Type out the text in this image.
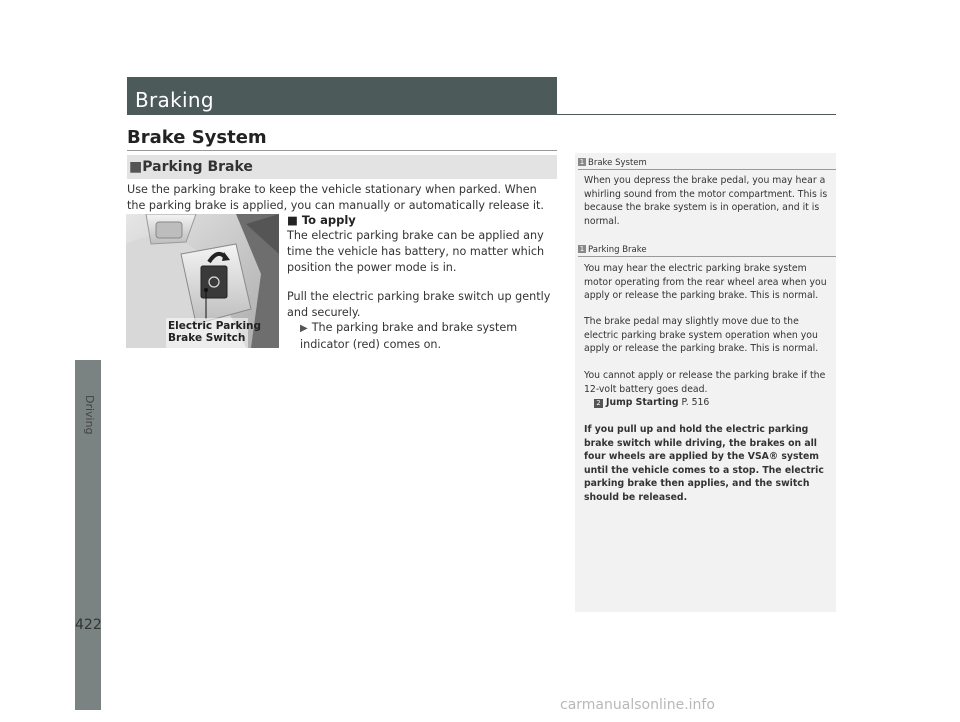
Driving
422
Braking
Brake System
■Parking Brake
Use the parking brake to keep the vehicle stationary when parked. When the parking brake is applied, you can manually or automatically release it.
Electric Parking
Brake Switch
■ To apply
The electric parking brake can be applied any time the vehicle has battery, no matter which position the power mode is in.
Pull the electric parking brake switch up gently and securely.
▶ The parking brake and brake system indicator (red) comes on.
1 Brake System
When you depress the brake pedal, you may hear a whirling sound from the motor compartment. This is because the brake system is in operation, and it is normal.
1 Parking Brake
You may hear the electric parking brake system motor operating from the rear wheel area when you apply or release the parking brake. This is normal.
The brake pedal may slightly move due to the electric parking brake system operation when you apply or release the parking brake. This is normal.
You cannot apply or release the parking brake if the 12-volt battery goes dead.
2 Jump Starting P. 516
If you pull up and hold the electric parking brake switch while driving, the brakes on all four wheels are applied by the VSA® system until the vehicle comes to a stop. The electric parking brake then applies, and the switch should be released.
carmanualsonline.info
